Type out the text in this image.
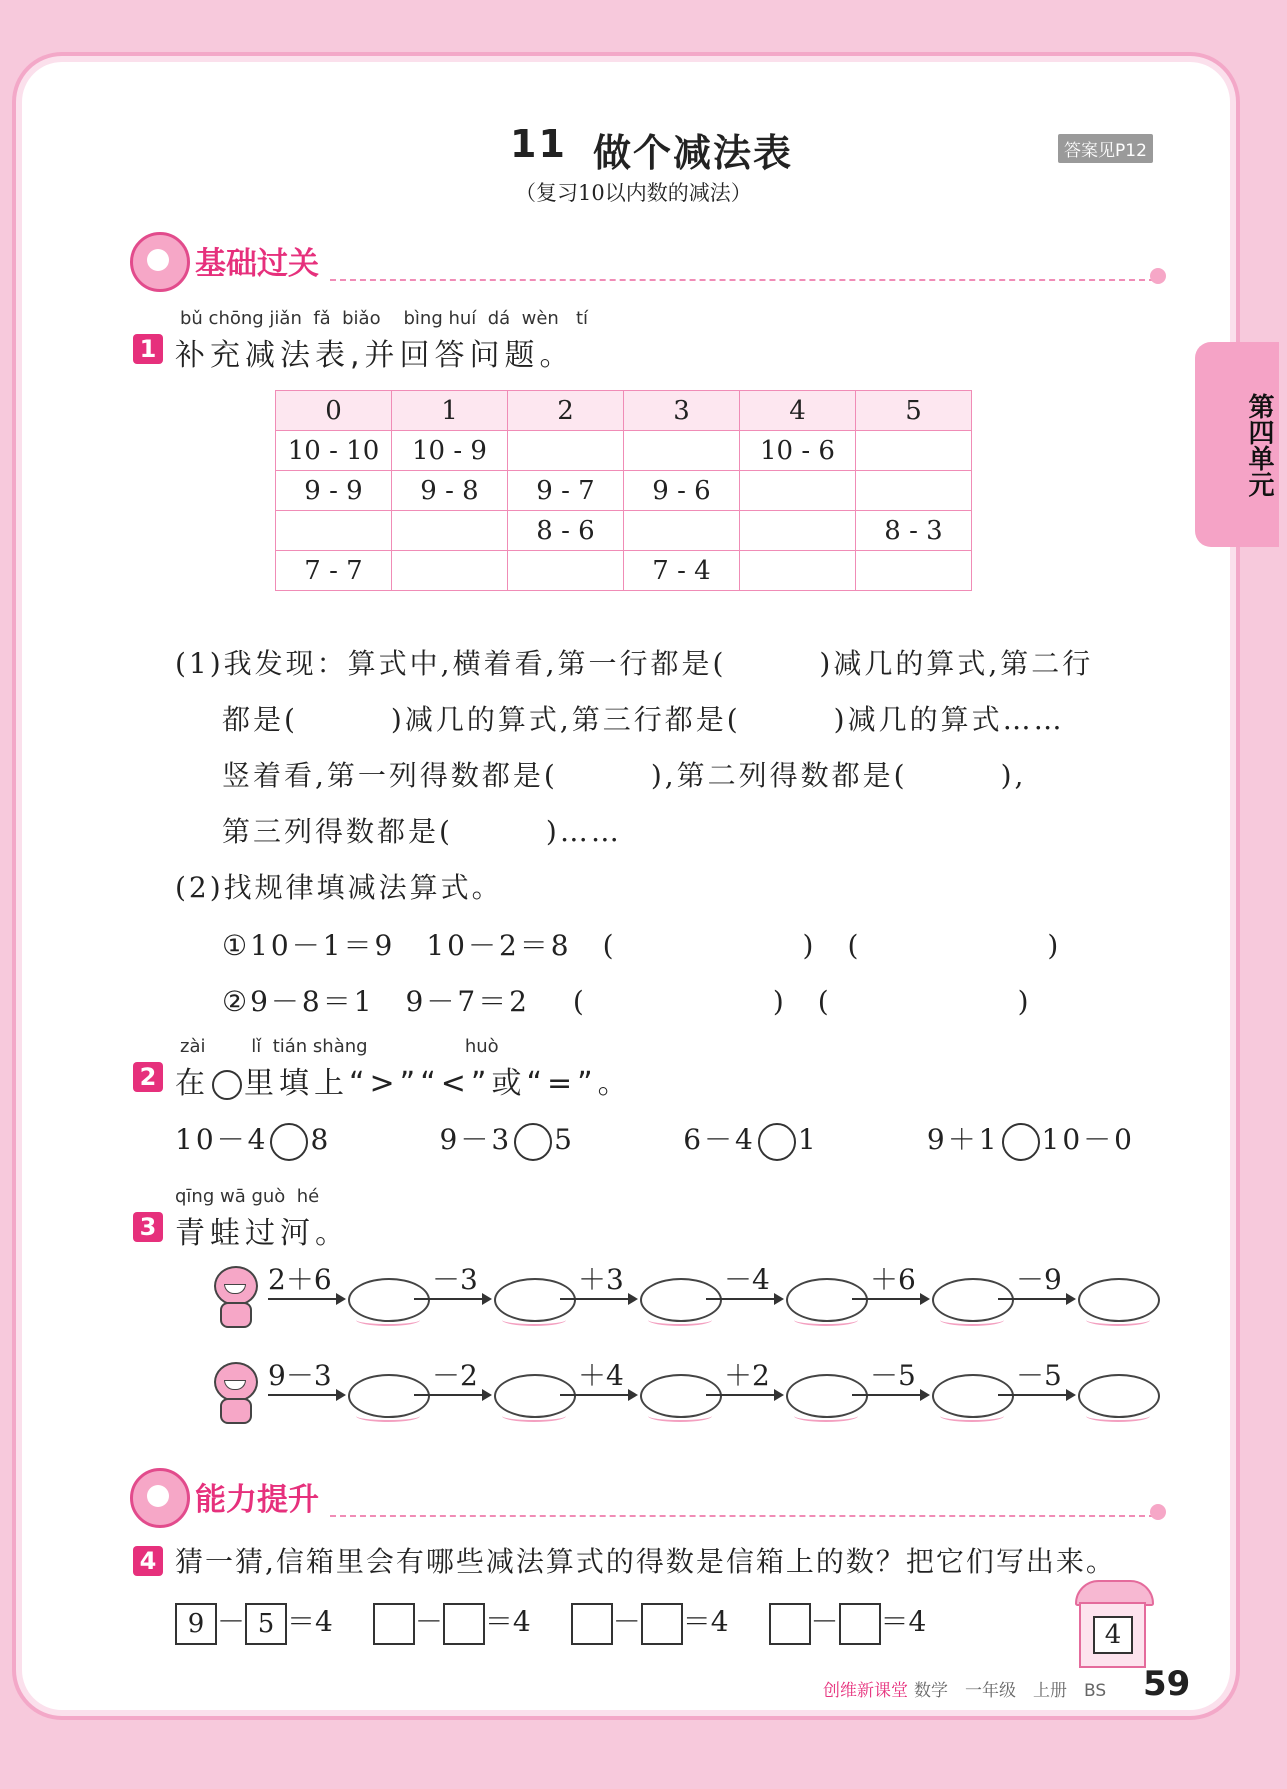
11 做个减法表
（复习10以内数的减法）
答案见P12
第四单元
基础过关
bǔ chōng jiǎn  fǎ  biǎo    bìng huí  dá  wèn   tí
1 补充减法表,并回答问题。
0	1	2	3	4	5
10 - 10	10 - 9			10 - 6	
9 - 9	9 - 8	9 - 7	9 - 6		
		8 - 6			8 - 3
7 - 7			7 - 4		
(1)我发现：算式中,横着看,第一行都是(　　　)减几的算式,第二行
都是(　　　)减几的算式,第三行都是(　　　)减几的算式……
竖着看,第一列得数都是(　　　),第二列得数都是(　　　),
第三列得数都是(　　　)……
(2)找规律填减法算式。
①10－1＝9　10－2＝8　(　　　　　　)　(　　　　　　)
②9－8＝1　9－7＝2　 (　　　　　　)　(　　　　　　)
zài        lǐ  tián shàng                 huò
2 在 里填上“>”“<”或“=”。
10－4 8	9－3 5	6－4 1	9＋1 10－0
qīng wā guò  hé
3 青蛙过河。
2＋6	－3	＋3	－4	＋6	－9
9－3	－2	＋4	＋2	－5	－5
能力提升
4 猜一猜,信箱里会有哪些减法算式的得数是信箱上的数？把它们写出来。
9 － 5 ＝4	－ ＝4	－ ＝4	－ ＝4	4
创维新课堂 数学　一年级　上册　BS 59
